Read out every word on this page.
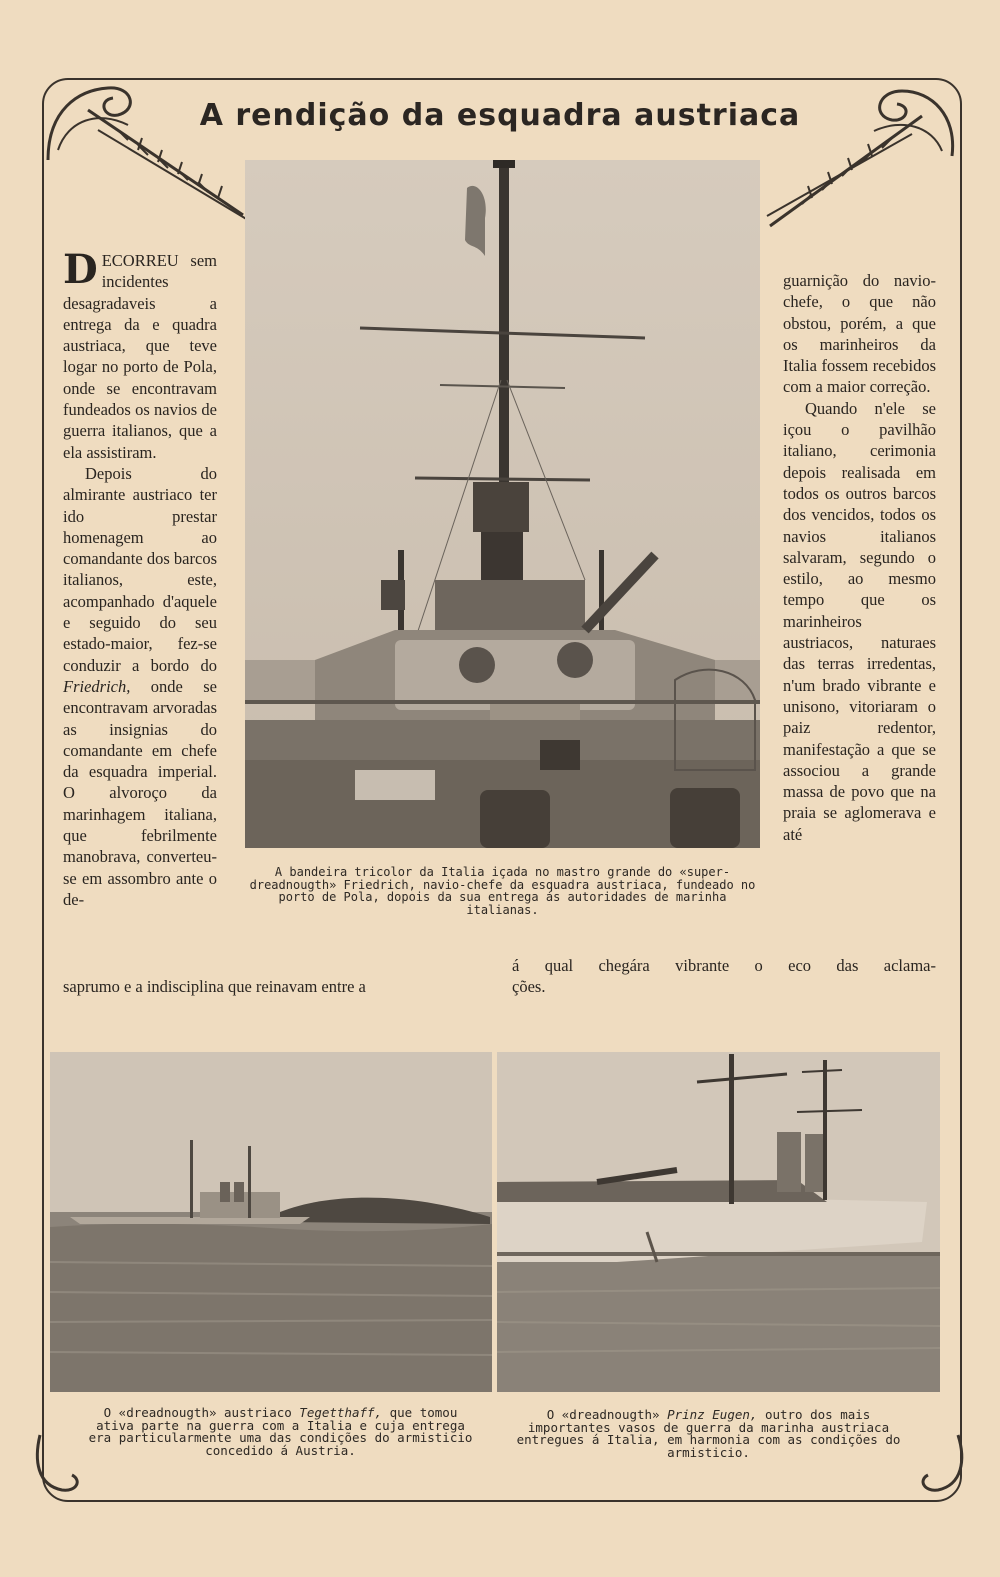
A rendição da esquadra austriaca

DECORREU sem incidentes desagradaveis a entrega da e quadra austriaca, que teve logar no porto de Pola, onde se encontravam fundeados os navios de guerra italianos, que a ela assistiram.

Depois do almirante austriaco ter ido prestar homenagem ao comandante dos barcos italianos, este, acompanhado d'aquele e seguido do seu estado-maior, fez-se conduzir a bordo do Friedrich, onde se encontravam arvoradas as insignias do comandante em chefe da esquadra imperial. O alvoroço da marinhagem italiana, que febrilmente manobrava, converteu-se em assombro ante o de-

guarnição do navio-chefe, o que não obstou, porém, a que os marinheiros da Italia fossem recebidos com a maior correção.

Quando n'ele se içou o pavilhão italiano, cerimonia depois realisada em todos os outros barcos dos vencidos, todos os navios italianos salvaram, segundo o estilo, ao mesmo tempo que os marinheiros austriacos, naturaes das terras irredentas, n'um brado vibrante e unisono, vitoriaram o paiz redentor, manifestação a que se associou a grande massa de povo que na praia se aglomerava e até

A bandeira tricolor da Italia içada no mastro grande do «super-dreadnougth» Friedrich, navio-chefe da esquadra austriaca, fundeado no porto de Pola, dopois da sua entrega ás autoridades de marinha italianas.
saprumo e a indisciplina que reinavam entre a
á qual chegára vibrante o eco das aclama-
ções.
O «dreadnougth» austriaco Tegetthaff, que tomou ativa parte na guerra com a Italia e cuja entrega era particularmente uma das condições do armisticio concedido á Austria.
O «dreadnougth» Prinz Eugen, outro dos mais importantes vasos de guerra da marinha austriaca entregues á Italia, em harmonia com as condições do armisticio.
